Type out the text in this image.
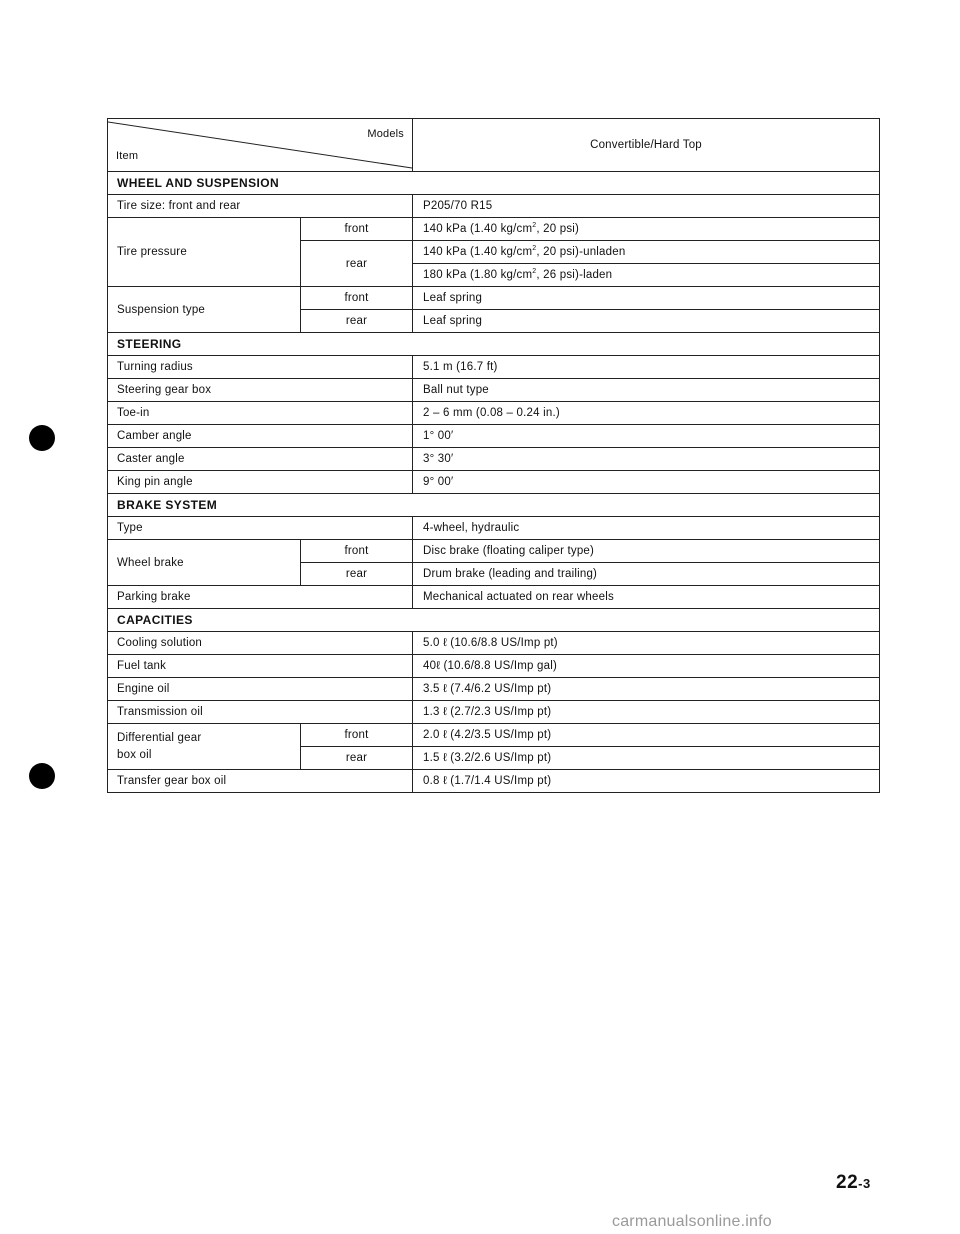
Models
Item		Convertible/Hard Top
WHEEL AND SUSPENSION		
Tire size: front and rear		P205/70 R15
Tire pressure	front	140 kPa (1.40 $kg/cm^2$, 20 psi)
	rear	140 kPa (1.40 $kg/cm^2$, 20 psi)-unladen
		180 kPa (1.80 $kg/cm^2$, 26 psi)-laden
Suspension type	front	Leaf spring
	rear	Leaf spring
STEERING		
Turning radius		5.1 m (16.7 ft)
Steering gear box		Ball nut type
Toe-in		2 – 6 mm (0.08 – 0.24 in.)
Camber angle		1° 00′
Caster angle		3° 30′
King pin angle		9° 00′
BRAKE SYSTEM		
Type		4-wheel, hydraulic
Wheel brake	front	Disc brake (floating caliper type)
	rear	Drum brake (leading and trailing)
Parking brake		Mechanical actuated on rear wheels
CAPACITIES		
Cooling solution		5.0 ℓ (10.6/8.8 US/Imp pt)
Fuel tank		40ℓ (10.6/8.8 US/Imp gal)
Engine oil		3.5 ℓ (7.4/6.2 US/Imp pt)
Transmission oil		1.3 ℓ (2.7/2.3 US/Imp pt)
Differential gear
box oil	front	2.0 ℓ (4.2/3.5 US/Imp pt)
	rear	1.5 ℓ (3.2/2.6 US/Imp pt)
Transfer gear box oil		0.8 ℓ (1.7/1.4 US/Imp pt)
22-3
carmanualsonline.info
